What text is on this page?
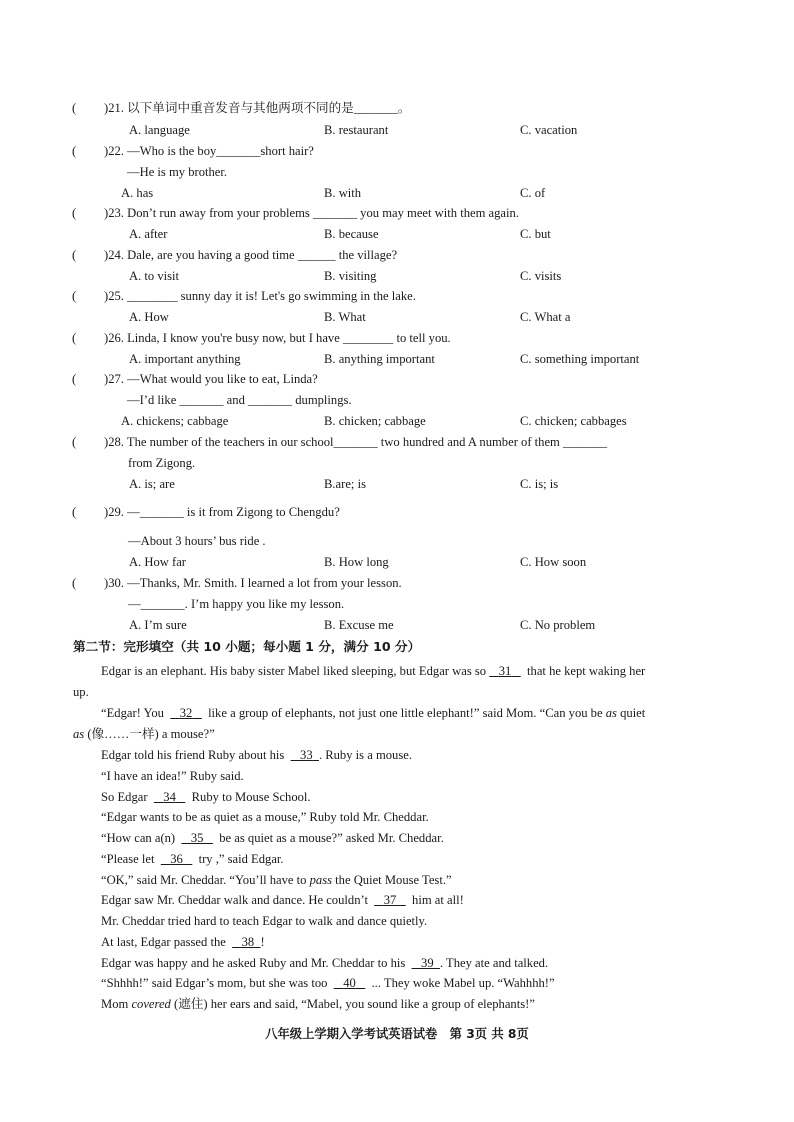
( )21. 以下单词中重音发音与其他两项不同的是_______。
A. language	B. restaurant	C. vacation
( )22. —Who is the boy_______short hair?
—He is my brother.
A. has	B. with	C. of
( )23. Don’t run away from your problems _______ you may meet with them again.
A. after	B. because	C. but
( )24. Dale, are you having a good time ______ the village?
A. to visit	B. visiting	C. visits
( )25. ________ sunny day it is! Let's go swimming in the lake.
A. How	B. What	C. What a
( )26. Linda, I know you're busy now, but I have ________ to tell you.
A. important anything	B. anything important	C. something important
( )27. —What would you like to eat, Linda?
—I’d like _______ and _______ dumplings.
A. chickens; cabbage	B. chicken; cabbage	C. chicken; cabbages
( )28. The number of the teachers in our school_______ two hundred and A number of them _______
from Zigong.
A. is; are	B.are; is	C. is; is
( )29. —_______ is it from Zigong to Chengdu?
—About 3 hours’ bus ride .
A. How far	B. How long	C. How soon
( )30. —Thanks, Mr. Smith. I learned a lot from your lesson.
—_______. I’m happy you like my lesson.
A. I’m sure	B. Excuse me	C. No problem
第二节：完形填空（共 10 小题；每小题 1 分，满分 10 分）
Edgar is an elephant. His baby sister Mabel liked sleeping, but Edgar was so 31 that he kept waking her
up.
“Edgar! You 32 like a group of elephants, not just one little elephant!” said Mom. “Can you be as quiet
as (像……一样) a mouse?”
Edgar told his friend Ruby about his 33 . Ruby is a mouse.
“I have an idea!” Ruby said.
So Edgar 34 Ruby to Mouse School.
“Edgar wants to be as quiet as a mouse,” Ruby told Mr. Cheddar.
“How can a(n) 35 be as quiet as a mouse?” asked Mr. Cheddar.
“Please let 36 try ,” said Edgar.
“OK,” said Mr. Cheddar. “You’ll have to pass the Quiet Mouse Test.”
Edgar saw Mr. Cheddar walk and dance. He couldn’t 37 him at all!
Mr. Cheddar tried hard to teach Edgar to walk and dance quietly.
At last, Edgar passed the 38 !
Edgar was happy and he asked Ruby and Mr. Cheddar to his 39 . They ate and talked.
“Shhhh!” said Edgar’s mom, but she was too 40 ... They woke Mabel up. “Wahhhh!”
Mom covered (遮住) her ears and said, “Mabel, you sound like a group of elephants!”
八年级上学期入学考试英语试卷　第 3页 共 8页
